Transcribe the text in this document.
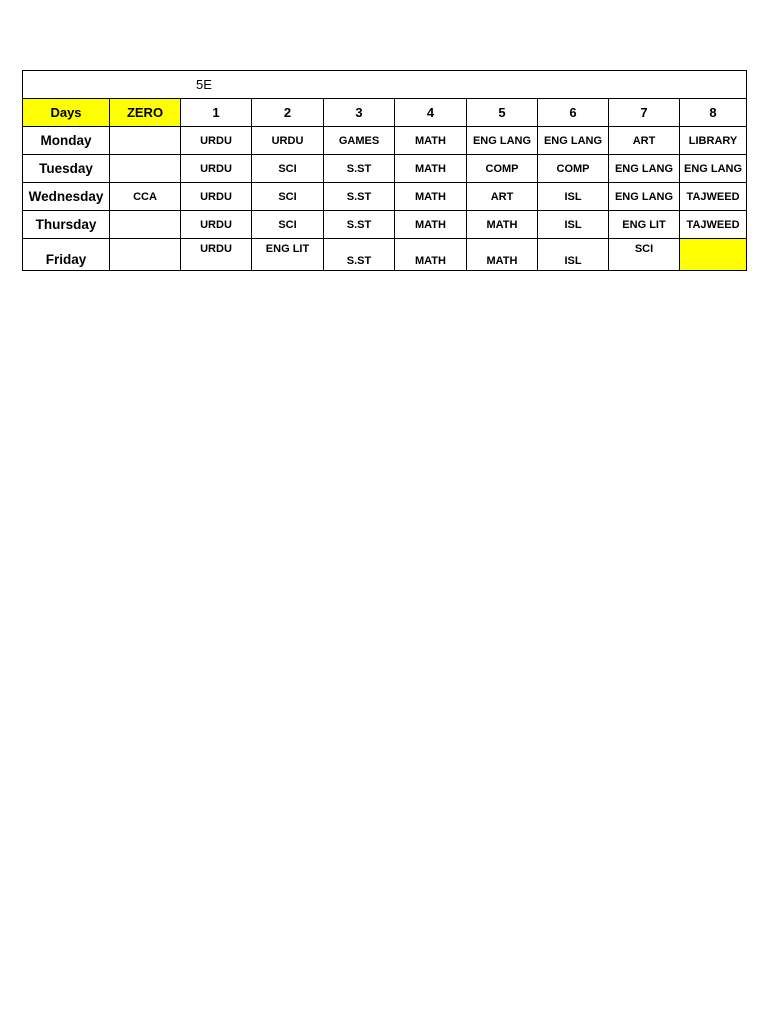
5E									
Days	ZERO	1	2	3	4	5	6	7	8
Monday		URDU	URDU	GAMES	MATH	ENG LANG	ENG LANG	ART	LIBRARY
Tuesday		URDU	SCI	S.ST	MATH	COMP	COMP	ENG LANG	ENG LANG
Wednesday	CCA	URDU	SCI	S.ST	MATH	ART	ISL	ENG LANG	TAJWEED
Thursday		URDU	SCI	S.ST	MATH	MATH	ISL	ENG LIT	TAJWEED
Friday		URDU	ENG LIT	S.ST	MATH	MATH	ISL	SCI	
